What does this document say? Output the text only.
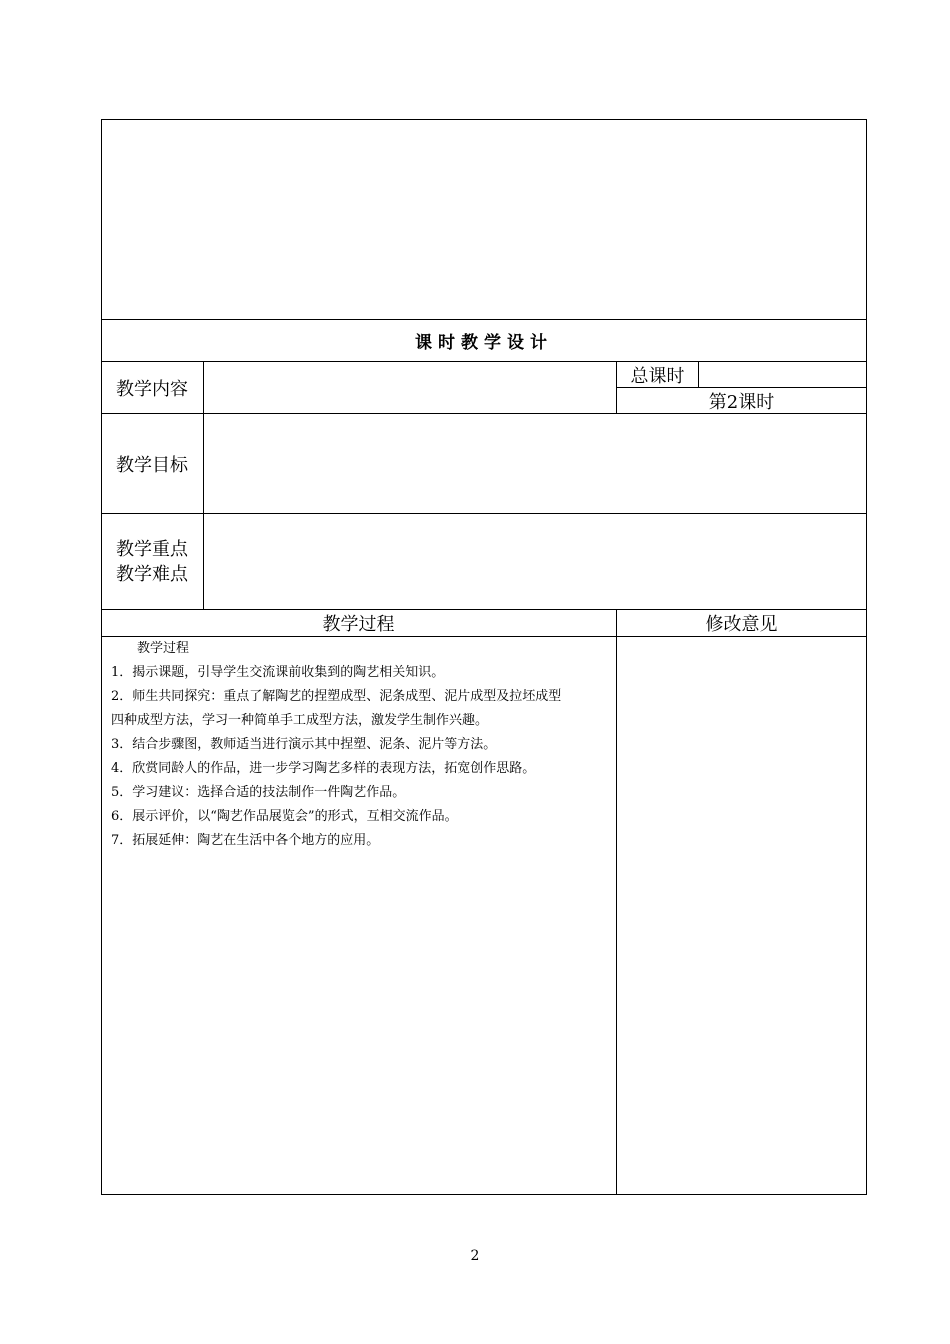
课时教学设计
教学内容
总课时
第2课时
教学目标
教学重点
教学难点
教学过程	修改意见
教学过程
1．揭示课题，引导学生交流课前收集到的陶艺相关知识。
2．师生共同探究：重点了解陶艺的捏塑成型、泥条成型、泥片成型及拉坯成型
四种成型方法，学习一种简单手工成型方法，激发学生制作兴趣。
3．结合步骤图，教师适当进行演示其中捏塑、泥条、泥片等方法。
4．欣赏同龄人的作品，进一步学习陶艺多样的表现方法，拓宽创作思路。
5．学习建议：选择合适的技法制作一件陶艺作品。
6．展示评价，以“陶艺作品展览会”的形式，互相交流作品。
7．拓展延伸：陶艺在生活中各个地方的应用。
2
